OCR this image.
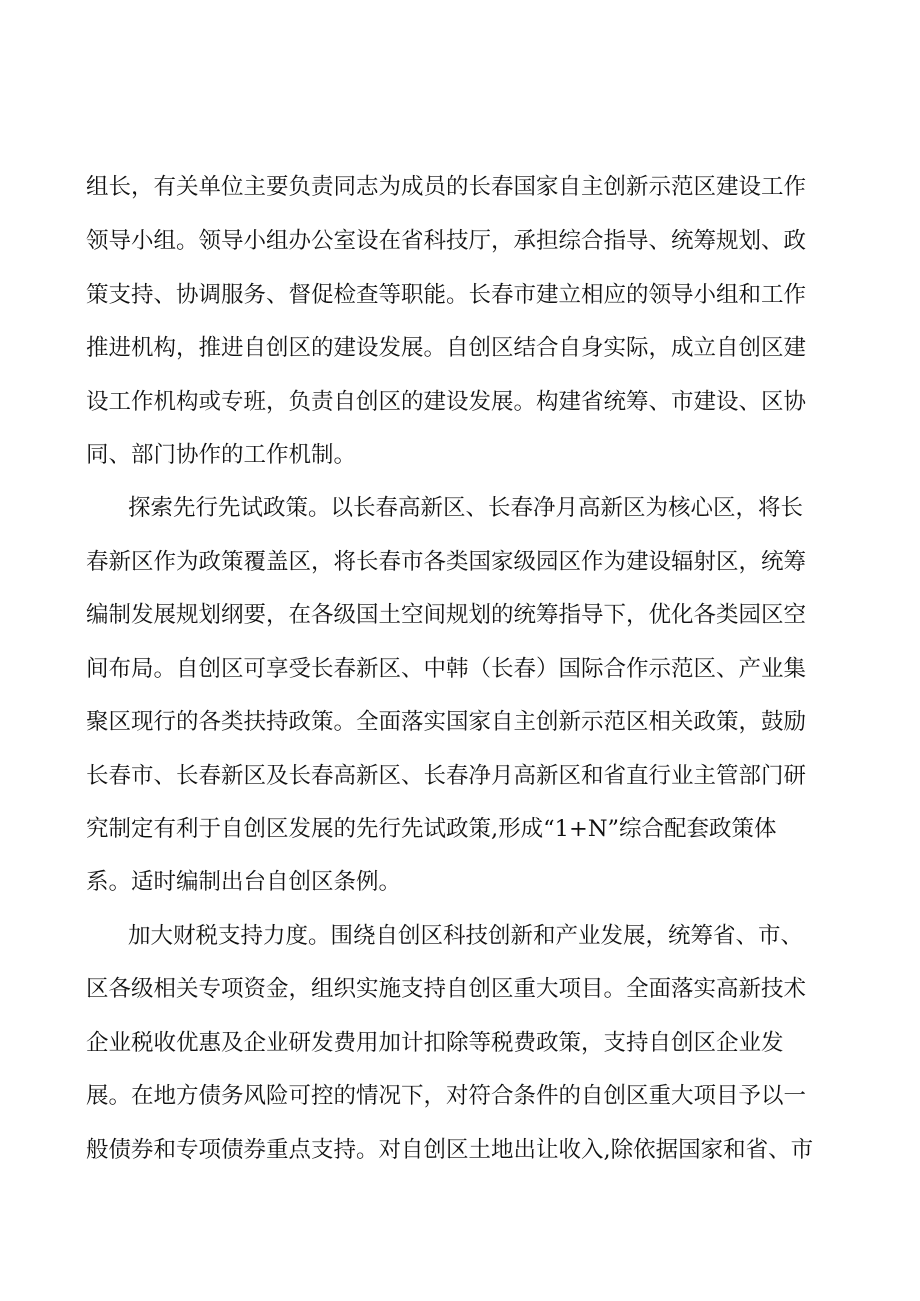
组长，有关单位主要负责同志为成员的长春国家自主创新示范区建设工作
领导小组。领导小组办公室设在省科技厅，承担综合指导、统筹规划、政
策支持、协调服务、督促检查等职能。长春市建立相应的领导小组和工作
推进机构，推进自创区的建设发展。自创区结合自身实际，成立自创区建
设工作机构或专班，负责自创区的建设发展。构建省统筹、市建设、区协
同、部门协作的工作机制。
探索先行先试政策。以长春高新区、长春净月高新区为核心区，将长
春新区作为政策覆盖区，将长春市各类国家级园区作为建设辐射区，统筹
编制发展规划纲要，在各级国土空间规划的统筹指导下，优化各类园区空
间布局。自创区可享受长春新区、中韩（长春）国际合作示范区、产业集
聚区现行的各类扶持政策。全面落实国家自主创新示范区相关政策，鼓励
长春市、长春新区及长春高新区、长春净月高新区和省直行业主管部门研
究制定有利于自创区发展的先行先试政策,形成“1+N”综合配套政策体
系。适时编制出台自创区条例。
加大财税支持力度。围绕自创区科技创新和产业发展，统筹省、市、
区各级相关专项资金，组织实施支持自创区重大项目。全面落实高新技术
企业税收优惠及企业研发费用加计扣除等税费政策，支持自创区企业发
展。在地方债务风险可控的情况下，对符合条件的自创区重大项目予以一
般债券和专项债券重点支持。对自创区土地出让收入,除依据国家和省、市
